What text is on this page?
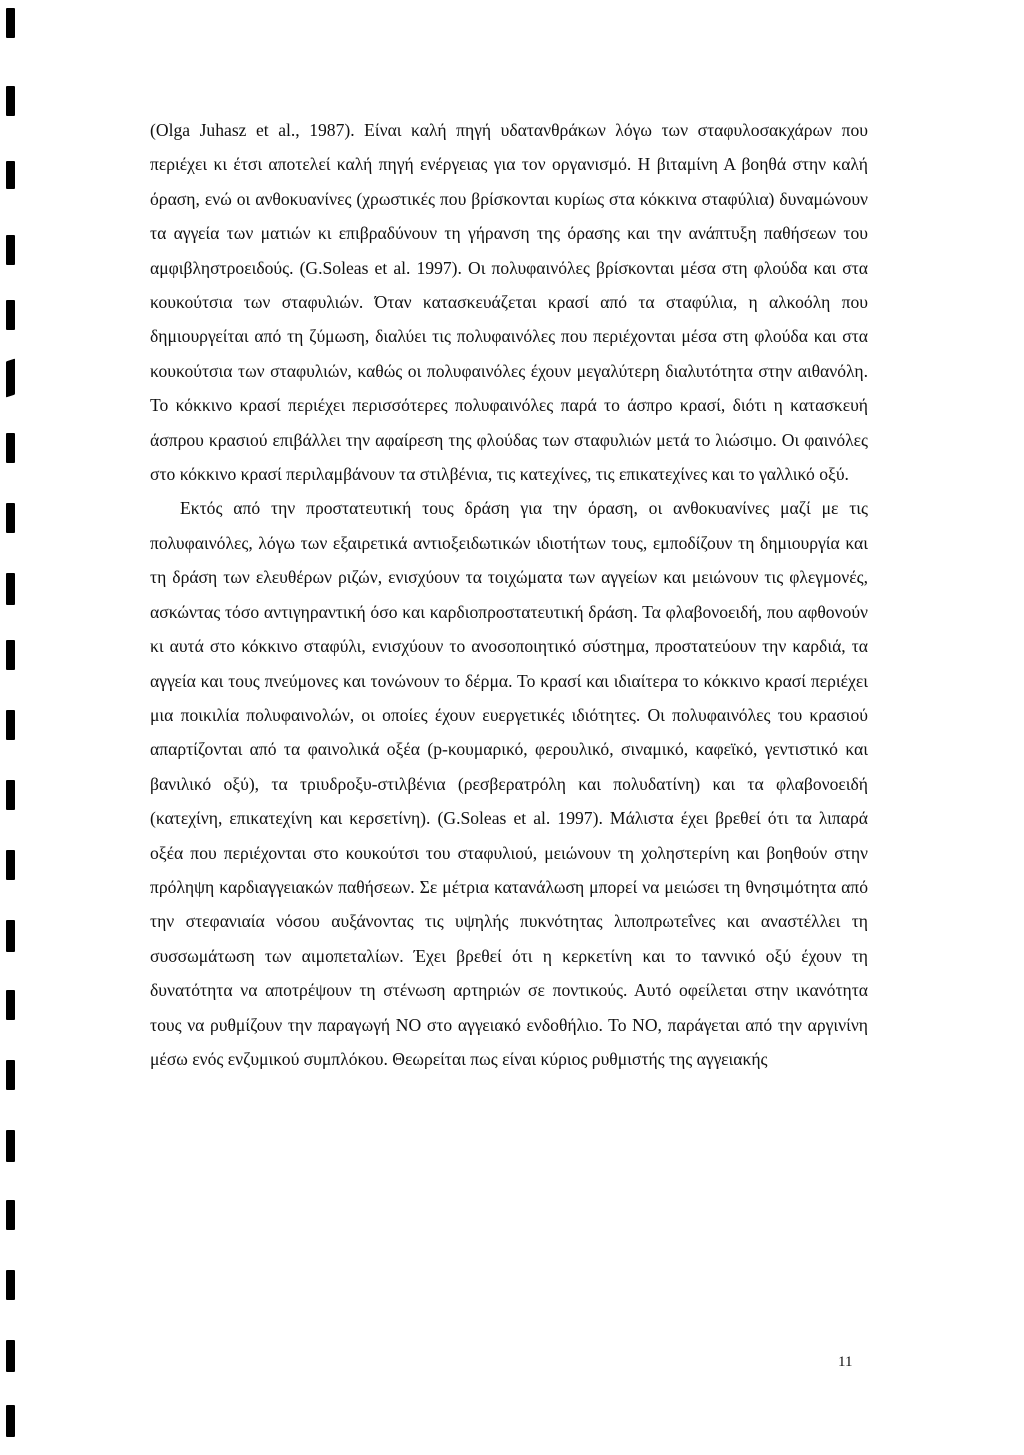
(Olga Juhasz et al., 1987). Είναι καλή πηγή υδατανθράκων λόγω των σταφυλοσακχάρων που περιέχει κι έτσι αποτελεί καλή πηγή ενέργειας για τον οργανισμό. Η βιταμίνη Α βοηθά στην καλή όραση, ενώ οι ανθοκυανίνες (χρωστικές που βρίσκονται κυρίως στα κόκκινα σταφύλια) δυναμώνουν τα αγγεία των ματιών κι επιβραδύνουν τη γήρανση της όρασης και την ανάπτυξη παθήσεων του αμφιβληστροειδούς. (G.Soleas et al. 1997). Οι πολυφαινόλες βρίσκονται μέσα στη φλούδα και στα κουκούτσια των σταφυλιών. Όταν κατασκευάζεται κρασί από τα σταφύλια, η αλκοόλη που δημιουργείται από τη ζύμωση, διαλύει τις πολυφαινόλες που περιέχονται μέσα στη φλούδα και στα κουκούτσια των σταφυλιών, καθώς οι πολυφαινόλες έχουν μεγαλύτερη διαλυτότητα στην αιθανόλη. Το κόκκινο κρασί περιέχει περισσότερες πολυφαινόλες παρά το άσπρο κρασί, διότι η κατασκευή άσπρου κρασιού επιβάλλει την αφαίρεση της φλούδας των σταφυλιών μετά το λιώσιμο. Οι φαινόλες στο κόκκινο κρασί περιλαμβάνουν τα στιλβένια, τις κατεχίνες, τις επικατεχίνες και το γαλλικό οξύ.

Εκτός από την προστατευτική τους δράση για την όραση, οι ανθοκυανίνες μαζί με τις πολυφαινόλες, λόγω των εξαιρετικά αντιοξειδωτικών ιδιοτήτων τους, εμποδίζουν τη δημιουργία και τη δράση των ελευθέρων ριζών, ενισχύουν τα τοιχώματα των αγγείων και μειώνουν τις φλεγμονές, ασκώντας τόσο αντιγηραντική όσο και καρδιοπροστατευτική δράση. Τα φλαβονοειδή, που αφθονούν κι αυτά στο κόκκινο σταφύλι, ενισχύουν το ανοσοποιητικό σύστημα, προστατεύουν την καρδιά, τα αγγεία και τους πνεύμονες και τονώνουν το δέρμα. Το κρασί και ιδιαίτερα το κόκκινο κρασί περιέχει μια ποικιλία πολυφαινολών, οι οποίες έχουν ευεργετικές ιδιότητες. Οι πολυφαινόλες του κρασιού απαρτίζονται από τα φαινολικά οξέα (p-κουμαρικό, φερουλικό, σιναμικό, καφεϊκό, γεντιστικό και βανιλικό οξύ), τα τριυδροξυ-στιλβένια (ρεσβερατρόλη και πολυδατίνη) και τα φλαβονοειδή (κατεχίνη, επικατεχίνη και κερσετίνη). (G.Soleas et al. 1997). Μάλιστα έχει βρεθεί ότι τα λιπαρά οξέα που περιέχονται στο κουκούτσι του σταφυλιού, μειώνουν τη χοληστερίνη και βοηθούν στην πρόληψη καρδιαγγειακών παθήσεων. Σε μέτρια κατανάλωση μπορεί να μειώσει τη θνησιμότητα από την στεφανιαία νόσου αυξάνοντας τις υψηλής πυκνότητας λιποπρωτεΐνες και αναστέλλει τη συσσωμάτωση των αιμοπεταλίων. Έχει βρεθεί ότι η κερκετίνη και το ταννικό οξύ έχουν τη δυνατότητα να αποτρέψουν τη στένωση αρτηριών σε ποντικούς. Αυτό οφείλεται στην ικανότητα τους να ρυθμίζουν την παραγωγή NO στο αγγειακό ενδοθήλιο. Το NO, παράγεται από την αργινίνη μέσω ενός ενζυμικού συμπλόκου. Θεωρείται πως είναι κύριος ρυθμιστής της αγγειακής

11
